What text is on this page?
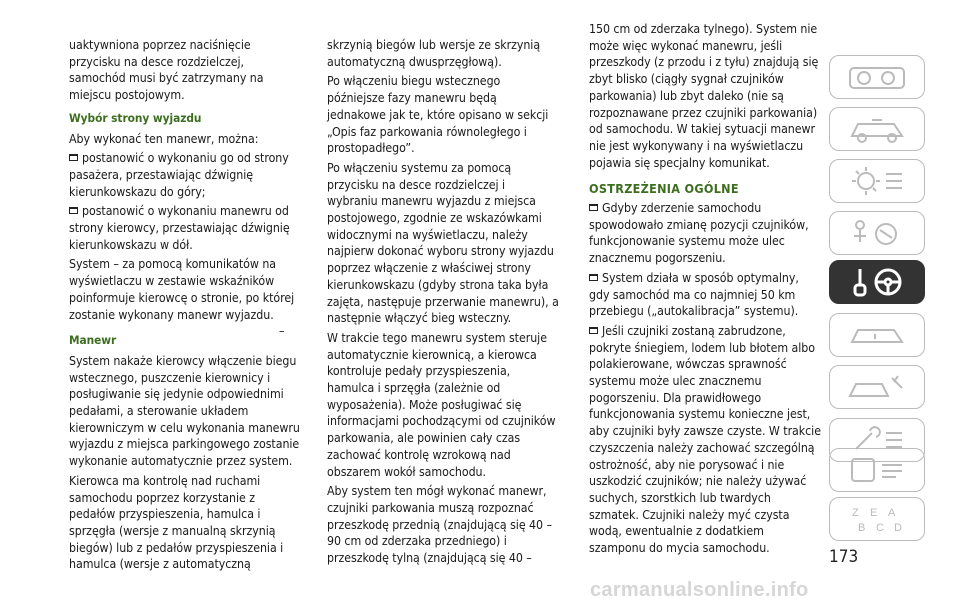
uaktywniona poprzez naciśnięcie przycisku na desce rozdzielczej, samochód musi być zatrzymany na miejscu postojowym.

Wybór strony wyjazdu

Aby wykonać ten manewr, można:

postanowić o wykonaniu go od strony pasażera, przestawiając dźwignię kierunkowskazu do góry;

postanowić o wykonaniu manewru od strony kierowcy, przestawiając dźwignię kierunkowskazu w dół.

System – za pomocą komunikatów na wyświetlaczu w zestawie wskaźników poinformuje kierowcę o stronie, po której zostanie wykonany manewr wyjazdu.

Manewr

System nakaże kierowcy włączenie biegu wstecznego, puszczenie kierownicy i posługiwanie się jedynie odpowiednimi pedałami, a sterowanie układem kierowniczym w celu wykonania manewru wyjazdu z miejsca parkingowego zostanie wykonanie automatycznie przez system.

Kierowca ma kontrolę nad ruchami samochodu poprzez korzystanie z pedałów przyspieszenia, hamulca i sprzęgła (wersje z manualną skrzynią biegów) lub z pedałów przyspieszenia i hamulca (wersje z automatyczną

–

skrzynią biegów lub wersje ze skrzynią automatyczną dwusprzęgłową).

Po włączeniu biegu wstecznego późniejsze fazy manewru będą jednakowe jak te, które opisano w sekcji „Opis faz parkowania równoległego i prostopadłego”.

Po włączeniu systemu za pomocą przycisku na desce rozdzielczej i wybraniu manewru wyjazdu z miejsca postojowego, zgodnie ze wskazówkami widocznymi na wyświetlaczu, należy najpierw dokonać wyboru strony wyjazdu poprzez włączenie z właściwej strony kierunkowskazu (gdyby strona taka była zajęta, następuje przerwanie manewru), a następnie włączyć bieg wsteczny.

W trakcie tego manewru system steruje automatycznie kierownicą, a kierowca kontroluje pedały przyspieszenia, hamulca i sprzęgła (zależnie od wyposażenia). Może posługiwać się informacjami pochodzącymi od czujników parkowania, ale powinien cały czas zachować kontrolę wzrokową nad obszarem wokół samochodu.

Aby system ten mógł wykonać manewr, czujniki parkowania muszą rozpoznać przeszkodę przednią (znajdującą się 40 – 90 cm od zderzaka przedniego) i przeszkodę tylną (znajdującą się 40 –

150 cm od zderzaka tylnego). System nie może więc wykonać manewru, jeśli przeszkody (z przodu i z tyłu) znajdują się zbyt blisko (ciągły sygnał czujników parkowania) lub zbyt daleko (nie są rozpoznawane przez czujniki parkowania) od samochodu. W takiej sytuacji manewr nie jest wykonywany i na wyświetlaczu pojawia się specjalny komunikat.

OSTRZEŻENIA OGÓLNE

Gdyby zderzenie samochodu spowodowało zmianę pozycji czujników, funkcjonowanie systemu może ulec znacznemu pogorszeniu.

System działa w sposób optymalny, gdy samochód ma co najmniej 50 km przebiegu („autokalibracja” systemu).

Jeśli czujniki zostaną zabrudzone, pokryte śniegiem, lodem lub błotem albo polakierowane, wówczas sprawność systemu może ulec znacznemu pogorszeniu. Dla prawidłowego funkcjonowania systemu konieczne jest, aby czujniki były zawsze czyste. W trakcie czyszczenia należy zachować szczególną ostrożność, aby nie porysować i nie uszkodzić czujników; nie należy używać suchych, szorstkich lub twardych szmatek. Czujniki należy myć czysta wodą, ewentualnie z dodatkiem szamponu do mycia samochodu.

Z E A
B C D
173
carmanualsonline.info
